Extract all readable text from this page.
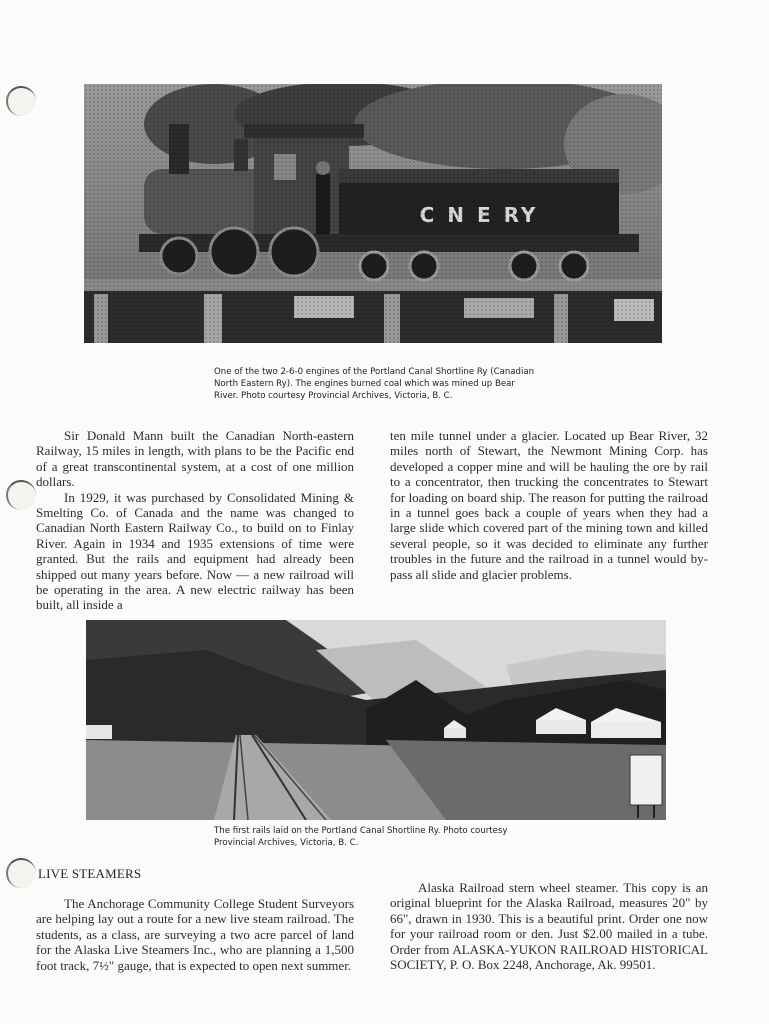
One of the two 2-6-0 engines of the Portland Canal Shortline Ry (Canadian North Eastern Ry). The engines burned coal which was mined up Bear River. Photo courtesy Provincial Archives, Victoria, B. C.

Sir Donald Mann built the Canadian North-eastern Railway, 15 miles in length, with plans to be the Pacific end of a great transcontinental system, at a cost of one million dollars.

In 1929, it was purchased by Consolidated Mining & Smelting Co. of Canada and the name was changed to Canadian North Eastern Railway Co., to build on to Finlay River. Again in 1934 and 1935 extensions of time were granted. But the rails and equipment had already been shipped out many years before. Now — a new railroad will be operating in the area. A new electric railway has been built, all inside a

ten mile tunnel under a glacier. Located up Bear River, 32 miles north of Stewart, the Newmont Mining Corp. has developed a copper mine and will be hauling the ore by rail to a concentrator, then trucking the concentrates to Stewart for loading on board ship. The reason for putting the railroad in a tunnel goes back a couple of years when they had a large slide which covered part of the mining town and killed several people, so it was decided to eliminate any further troubles in the future and the railroad in a tunnel would by-pass all slide and glacier problems.

The first rails laid on the Portland Canal Shortline Ry. Photo courtesy Provincial Archives, Victoria, B. C.
LIVE STEAMERS

The Anchorage Community College Student Surveyors are helping lay out a route for a new live steam railroad. The students, as a class, are surveying a two acre parcel of land for the Alaska Live Steamers Inc., who are planning a 1,500 foot track, 7½" gauge, that is expected to open next summer.

Alaska Railroad stern wheel steamer. This copy is an original blueprint for the Alaska Railroad, measures 20" by 66", drawn in 1930. This is a beautiful print. Order one now for your railroad room or den. Just $2.00 mailed in a tube. Order from ALASKA-YUKON RAILROAD HISTORICAL SOCIETY, P. O. Box 2248, Anchorage, Ak. 99501.
